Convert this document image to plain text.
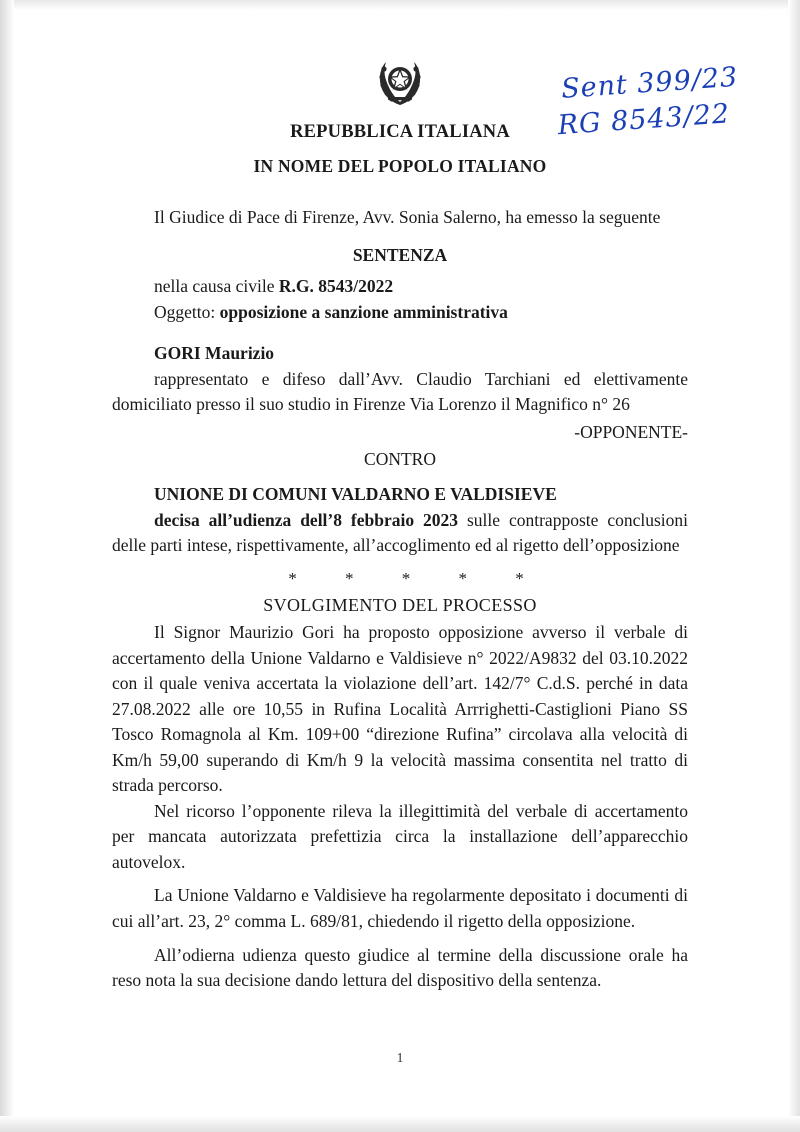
Sent 399/23
RG 8543/22
REPUBBLICA ITALIANA
IN NOME DEL POPOLO ITALIANO

Il Giudice di Pace di Firenze, Avv. Sonia Salerno, ha emesso la seguente

SENTENZA
nella causa civile R.G. 8543/2022
Oggetto: opposizione a sanzione amministrativa
GORI Maurizio

rappresentato e difeso dall’Avv. Claudio Tarchiani ed elettivamente domiciliato presso il suo studio in Firenze Via Lorenzo il Magnifico n° 26

-OPPONENTE-
CONTRO
UNIONE DI COMUNI VALDARNO E VALDISIEVE

decisa all’udienza dell’8 febbraio 2023 sulle contrapposte conclusioni delle parti intese, rispettivamente, all’accoglimento ed al rigetto dell’opposizione

* * * * *
SVOLGIMENTO DEL PROCESSO

Il Signor Maurizio Gori ha proposto opposizione avverso il verbale di accertamento della Unione Valdarno e Valdisieve n° 2022/A9832 del 03.10.2022 con il quale veniva accertata la violazione dell’art. 142/7° C.d.S. perché in data 27.08.2022 alle ore 10,55 in Rufina Località Arrrighetti-Castiglioni Piano SS Tosco Romagnola al Km. 109+00 “direzione Rufina” circolava alla velocità di Km/h 59,00 superando di Km/h 9 la velocità massima consentita nel tratto di strada percorso.

Nel ricorso l’opponente rileva la illegittimità del verbale di accertamento per mancata autorizzata prefettizia circa la installazione dell’apparecchio autovelox.

La Unione Valdarno e Valdisieve ha regolarmente depositato i documenti di cui all’art. 23, 2° comma L. 689/81, chiedendo il rigetto della opposizione.

All’odierna udienza questo giudice al termine della discussione orale ha reso nota la sua decisione dando lettura del dispositivo della sentenza.

1
